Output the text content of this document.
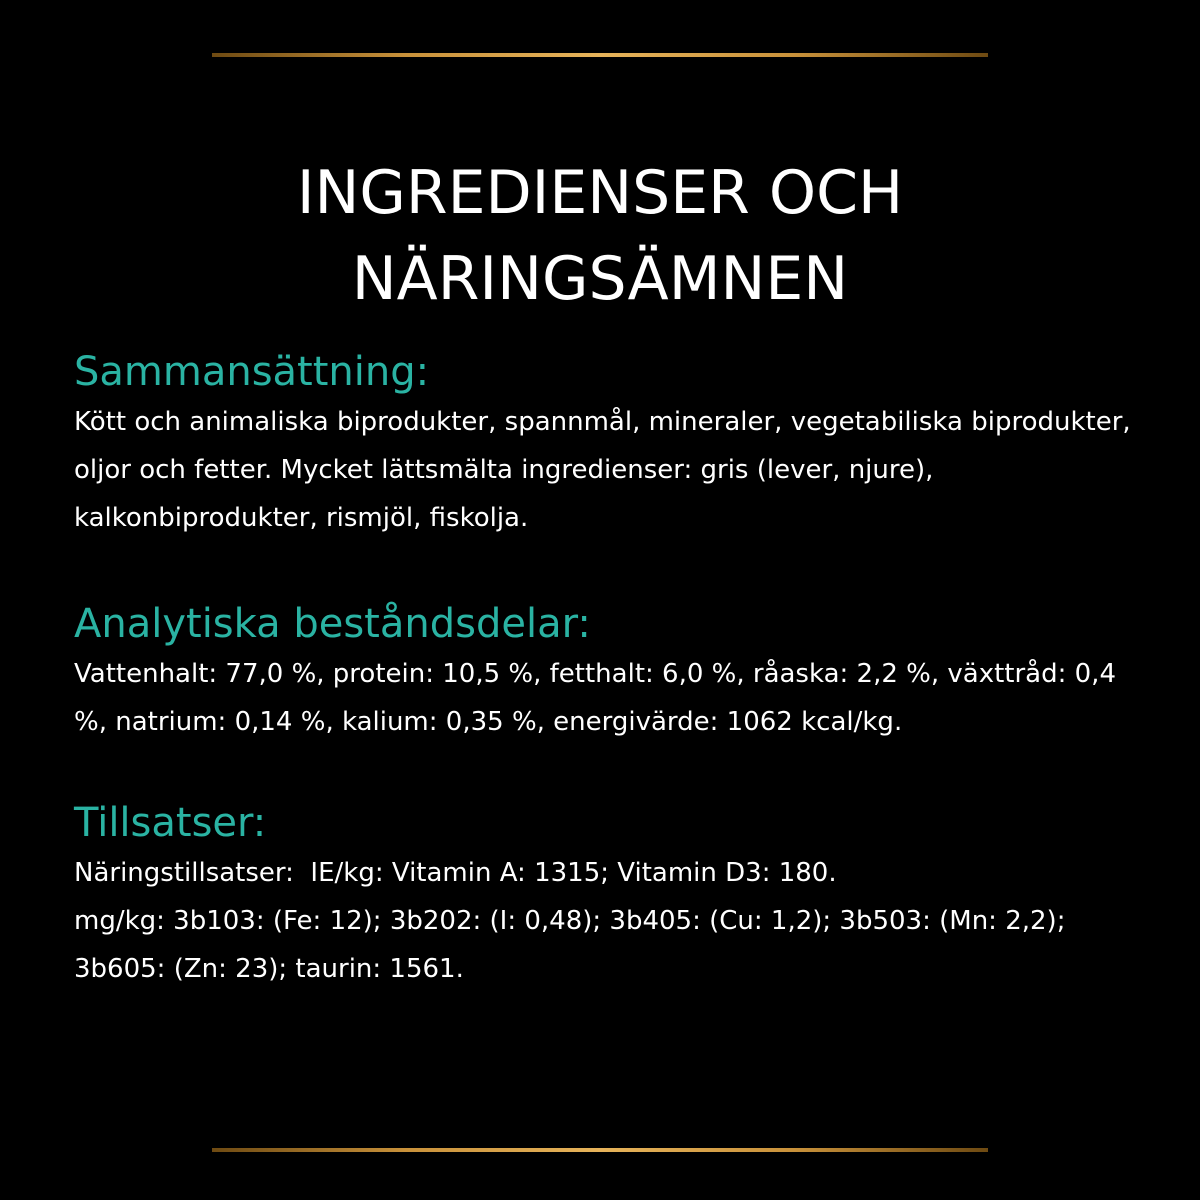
INGREDIENSER OCH
NÄRINGSÄMNEN
Sammansättning:

Kött och animaliska biprodukter, spannmål, mineraler, vegetabiliska biprodukter, oljor och fetter. Mycket lättsmälta ingredienser: gris (lever, njure), kalkonbiprodukter, rismjöl, fiskolja.

Analytiska beståndsdelar:

Vattenhalt: 77,0 %, protein: 10,5 %, fetthalt: 6,0 %, råaska: 2,2 %, växttråd: 0,4 %, natrium: 0,14 %, kalium: 0,35 %, energivärde: 1062 kcal/kg.

Tillsatser:

Näringstillsatser:  IE/kg: Vitamin A: 1315; Vitamin D3: 180.
mg/kg: 3b103: (Fe: 12); 3b202: (I: 0,48); 3b405: (Cu: 1,2); 3b503: (Mn: 2,2); 3b605: (Zn: 23); taurin: 1561.
